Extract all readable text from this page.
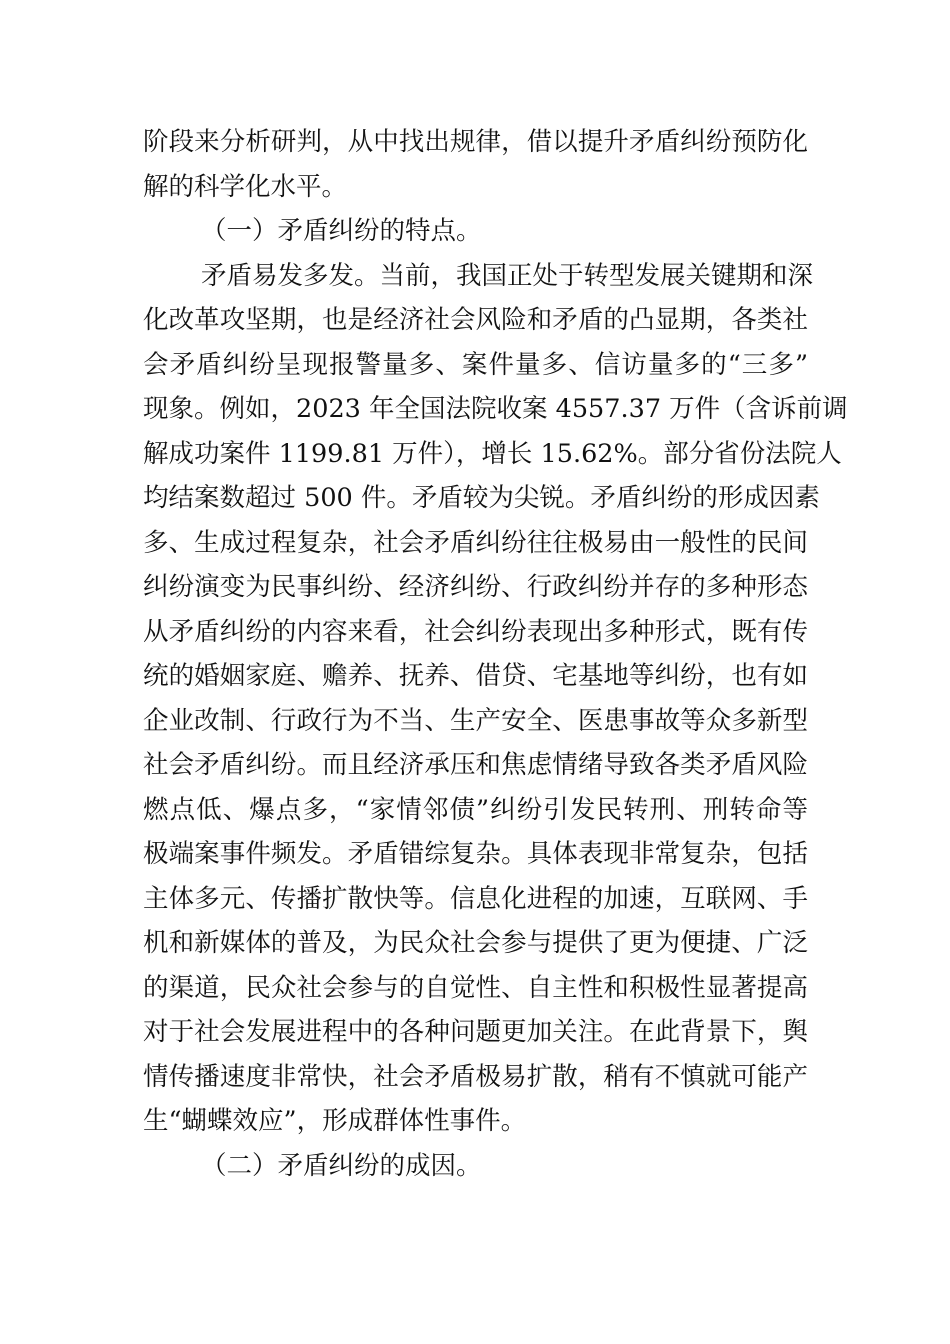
阶段来分析研判，从中找出规律，借以提升矛盾纠纷预防化
解的科学化水平。
（一）矛盾纠纷的特点。
矛盾易发多发。当前，我国正处于转型发展关键期和深
化改革攻坚期，也是经济社会风险和矛盾的凸显期，各类社
会矛盾纠纷呈现报警量多、案件量多、信访量多的“三多”
现象。例如，2023 年全国法院收案 4557.37 万件（含诉前调
解成功案件 1199.81 万件），增长 15.62%。部分省份法院人
均结案数超过 500 件。矛盾较为尖锐。矛盾纠纷的形成因素
多、生成过程复杂，社会矛盾纠纷往往极易由一般性的民间
纠纷演变为民事纠纷、经济纠纷、行政纠纷并存的多种形态
从矛盾纠纷的内容来看，社会纠纷表现出多种形式，既有传
统的婚姻家庭、赡养、抚养、借贷、宅基地等纠纷，也有如
企业改制、行政行为不当、生产安全、医患事故等众多新型
社会矛盾纠纷。而且经济承压和焦虑情绪导致各类矛盾风险
燃点低、爆点多，“家情邻债”纠纷引发民转刑、刑转命等
极端案事件频发。矛盾错综复杂。具体表现非常复杂，包括
主体多元、传播扩散快等。信息化进程的加速，互联网、手
机和新媒体的普及，为民众社会参与提供了更为便捷、广泛
的渠道，民众社会参与的自觉性、自主性和积极性显著提高
对于社会发展进程中的各种问题更加关注。在此背景下，舆
情传播速度非常快，社会矛盾极易扩散，稍有不慎就可能产
生“蝴蝶效应”，形成群体性事件。
（二）矛盾纠纷的成因。
